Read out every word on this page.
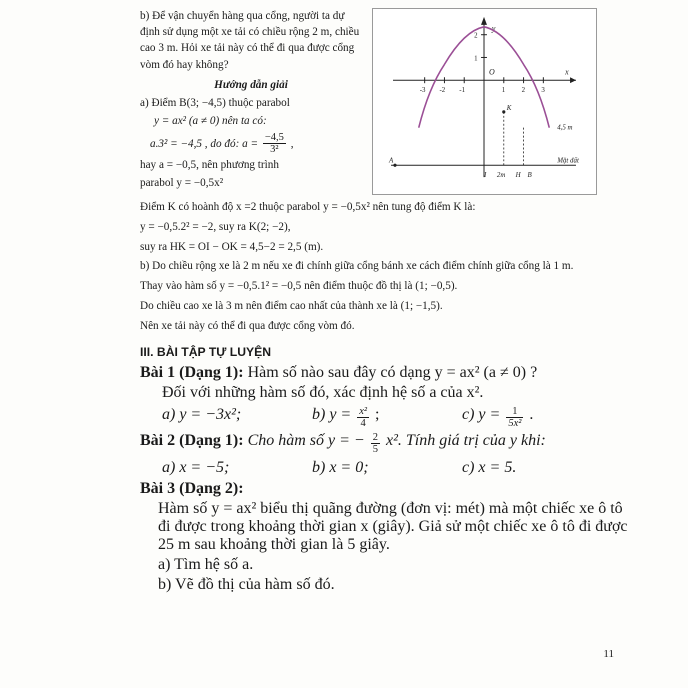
b) Để vận chuyển hàng qua cổng, người ta dự định sử dụng một xe tải có chiều rộng 2 m, chiều cao 3 m. Hỏi xe tải này có thể đi qua được cổng vòm đó hay không?

Hướng dẫn giải

a) Điểm B(3; −4,5) thuộc parabol

y = ax² (a ≠ 0) nên ta có:

a.3² = −4,5 , do đó: $a = \frac{-4,5}{\text{3²}}$ ,

hay a = −0,5, nên phương trình

parabol y = −0,5x²

-3 -2 -1	1 2 3
1
2
x
y
O
K
A
B
I 2m H
4,5 m
Mặt đất

Điểm K có hoành độ x =2 thuộc parabol y = −0,5x² nên tung độ điểm K là:

y = −0,5.2² = −2, suy ra K(2; −2),

suy ra HK = OI − OK = 4,5−2 = 2,5 (m).

b) Do chiều rộng xe là 2 m nếu xe đi chính giữa cổng bánh xe cách điểm chính giữa cổng là 1 m.

Thay vào hàm số y = −0,5.1² = −0,5 nên điểm thuộc đồ thị là (1; −0,5).

Do chiều cao xe là 3 m nên điểm cao nhất của thành xe là (1; −1,5).

Nên xe tải này có thể đi qua được cổng vòm đó.

III. BÀI TẬP TỰ LUYỆN

Bài 1 (Dạng 1): Hàm số nào sau đây có dạng y = ax² (a ≠ 0) ?

Đối với những hàm số đó, xác định hệ số a của x².

a) y = −3x²;	b) $y = \frac{\text{x²}}{4}$ ;	c) $y = \frac{1}{\text{5x²}}$ .

Bài 2 (Dạng 1): Cho hàm số y = − $\frac{2}{5} x^2$. Tính giá trị của y khi:

a) x = −5;	b) x = 0;	c) x = 5.

Bài 3 (Dạng 2):

Hàm số y = ax² biểu thị quãng đường (đơn vị: mét) mà một chiếc xe ô tô đi được trong khoảng thời gian x (giây). Giả sử một chiếc xe ô tô đi được 25 m sau khoảng thời gian là 5 giây.

a) Tìm hệ số a.

b) Vẽ đồ thị của hàm số đó.

11
